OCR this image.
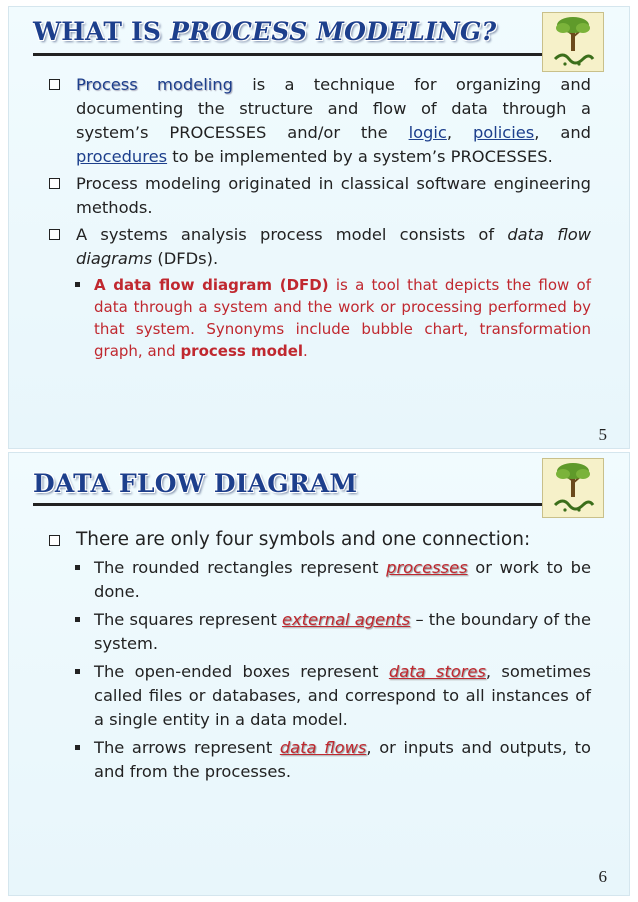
WHAT IS PROCESS MODELING?
Process modeling is a technique for organizing and documenting the structure and flow of data through a system’s PROCESSES and/or the logic, policies, and procedures to be implemented by a system’s PROCESSES.
Process modeling originated in classical software engineering methods.
A systems analysis process model consists of data flow diagrams (DFDs).
A data flow diagram (DFD) is a tool that depicts the flow of data through a system and the work or processing performed by that system. Synonyms include bubble chart, transformation graph, and process model.
5
DATA FLOW DIAGRAM
There are only four symbols and one connection:
The rounded rectangles represent processes or work to be done.
The squares represent external agents – the boundary of the system.
The open-ended boxes represent data stores, sometimes called files or databases, and correspond to all instances of a single entity in a data model.
The arrows represent data flows, or inputs and outputs, to and from the processes.
6
